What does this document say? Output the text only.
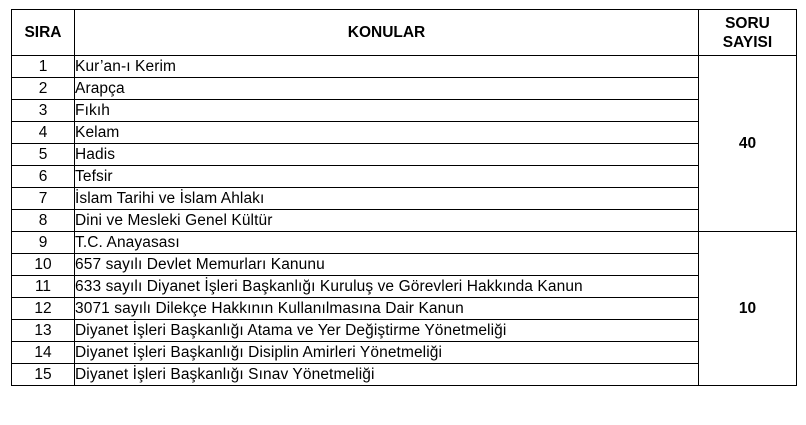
SIRA	KONULAR	SORU
SAYISI
1	Kur’an-ı Kerim	40
2	Arapça	
3	Fıkıh	
4	Kelam	
5	Hadis	
6	Tefsir	
7	İslam Tarihi ve İslam Ahlakı	
8	Dini ve Mesleki Genel Kültür	
9	T.C. Anayasası	10
10	657 sayılı Devlet Memurları Kanunu	
11	633 sayılı Diyanet İşleri Başkanlığı Kuruluş ve Görevleri Hakkında Kanun	
12	3071 sayılı Dilekçe Hakkının Kullanılmasına Dair Kanun	
13	Diyanet İşleri Başkanlığı Atama ve Yer Değiştirme Yönetmeliği	
14	Diyanet İşleri Başkanlığı Disiplin Amirleri Yönetmeliği	
15	Diyanet İşleri Başkanlığı Sınav Yönetmeliği	
